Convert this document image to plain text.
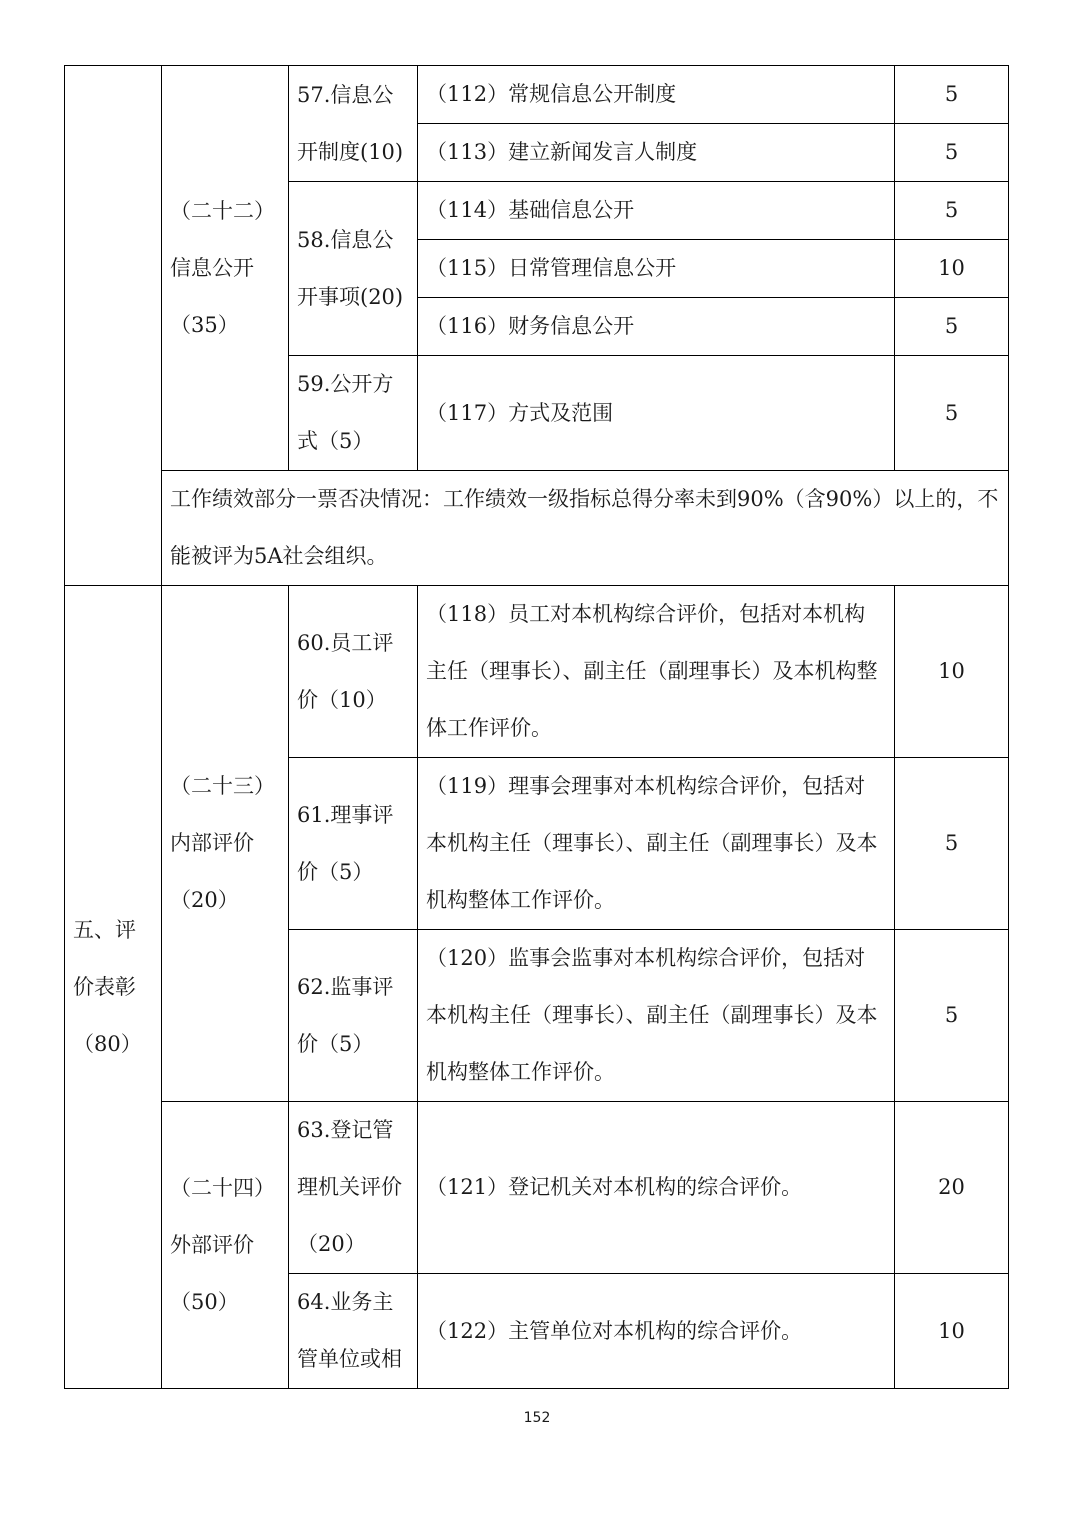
	（二十二）信息公开（35）	57.信息公开制度(10)	（112）常规信息公开制度	5
			（113）建立新闻发言人制度	5
		58.信息公开事项(20)	（114）基础信息公开	5
			（115）日常管理信息公开	10
			（116）财务信息公开	5
		59.公开方式（5）	（117）方式及范围	5
	工作绩效部分一票否决情况：工作绩效一级指标总得分率未到90%（含90%）以上的，不能被评为5A社会组织。			
五、评价表彰（80）	（二十三）内部评价（20）	60.员工评价（10）	（118）员工对本机构综合评价，包括对本机构主任（理事长）、副主任（副理事长）及本机构整体工作评价。	10
		61.理事评价（5）	（119）理事会理事对本机构综合评价，包括对本机构主任（理事长）、副主任（副理事长）及本机构整体工作评价。	5
		62.监事评价（5）	（120）监事会监事对本机构综合评价，包括对本机构主任（理事长）、副主任（副理事长）及本机构整体工作评价。	5
	（二十四）外部评价（50）	63.登记管理机关评价（20）	（121）登记机关对本机构的综合评价。	20
		64.业务主管单位或相	（122）主管单位对本机构的综合评价。	10
152
